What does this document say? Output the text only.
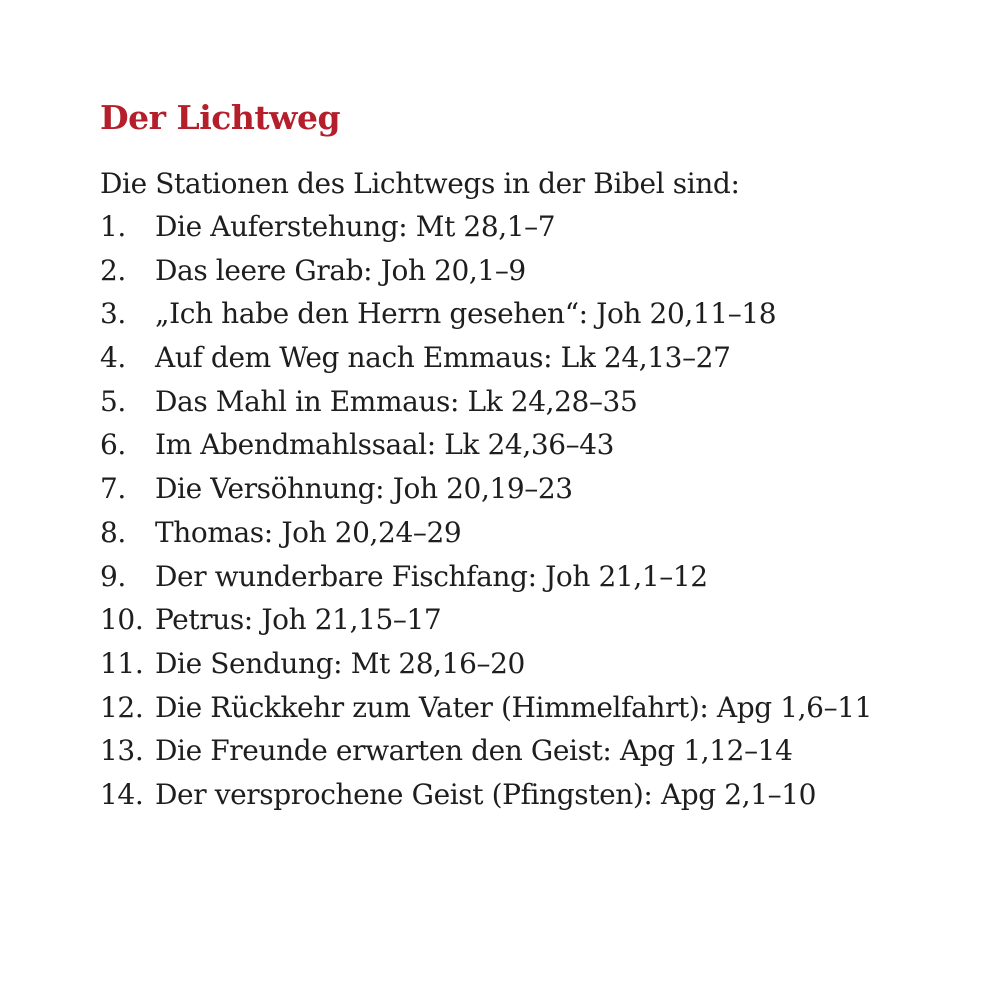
Der Lichtweg

Die Stationen des Lichtwegs in der Bibel sind:

1.	Die Auferstehung: Mt 28,1–7
2.	Das leere Grab: Joh 20,1–9
3.	„Ich habe den Herrn gesehen“: Joh 20,11–18
4.	Auf dem Weg nach Emmaus: Lk 24,13–27
5.	Das Mahl in Emmaus: Lk 24,28–35
6.	Im Abendmahlssaal: Lk 24,36–43
7.	Die Versöhnung: Joh 20,19–23
8.	Thomas: Joh 20,24–29
9.	Der wunderbare Fischfang: Joh 21,1–12
10. Petrus: Joh 21,15–17
11. Die Sendung: Mt 28,16–20
12. Die Rückkehr zum Vater (Himmelfahrt): Apg 1,6–11
13. Die Freunde erwarten den Geist: Apg 1,12–14
14. Der versprochene Geist (Pfingsten): Apg 2,1–10
